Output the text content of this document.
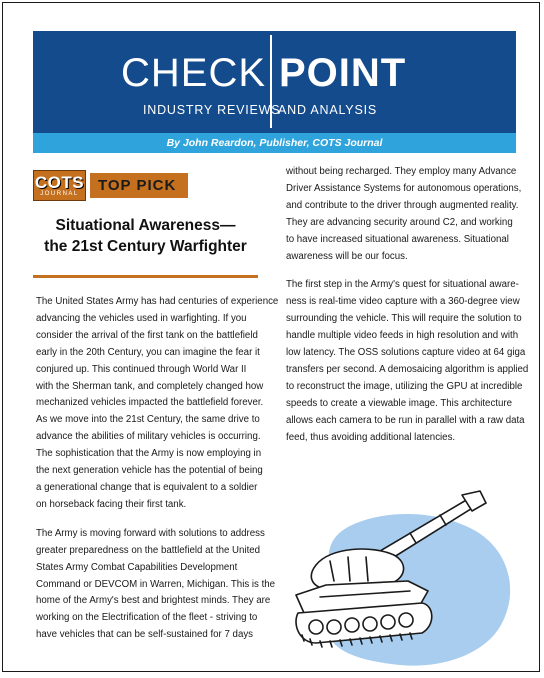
CHECK POINT
INDUSTRY REVIEWS
AND ANALYSIS
By John Reardon, Publisher, COTS Journal
COTS
JOURNAL	TOP PICK
Situational Awareness—
the 21st Century Warfighter

The United States Army has had centuries of experience
advancing the vehicles used in warfighting. If you
consider the arrival of the first tank on the battlefield
early in the 20th Century, you can imagine the fear it
conjured up. This continued through World War II
with the Sherman tank, and completely changed how
mechanized vehicles impacted the battlefield forever.
As we move into the 21st Century, the same drive to
advance the abilities of military vehicles is occurring.
The sophistication that the Army is now employing in
the next generation vehicle has the potential of being
a generational change that is equivalent to a soldier
on horseback facing their first tank.

The Army is moving forward with solutions to address
greater preparedness on the battlefield at the United
States Army Combat Capabilities Development
Command or DEVCOM in Warren, Michigan. This is the
home of the Army's best and brightest minds. They are
working on the Electrification of the fleet - striving to
have vehicles that can be self-sustained for 7 days

without being recharged. They employ many Advance
Driver Assistance Systems for autonomous operations,
and contribute to the driver through augmented reality.
They are advancing security around C2, and working
to have increased situational awareness. Situational
awareness will be our focus.

The first step in the Army's quest for situational aware-
ness is real-time video capture with a 360-degree view
surrounding the vehicle. This will require the solution to
handle multiple video feeds in high resolution and with
low latency. The OSS solutions capture video at 64 giga
transfers per second. A demosaicing algorithm is applied
to reconstruct the image, utilizing the GPU at incredible
speeds to create a viewable image. This architecture
allows each camera to be run in parallel with a raw data
feed, thus avoiding additional latencies.
